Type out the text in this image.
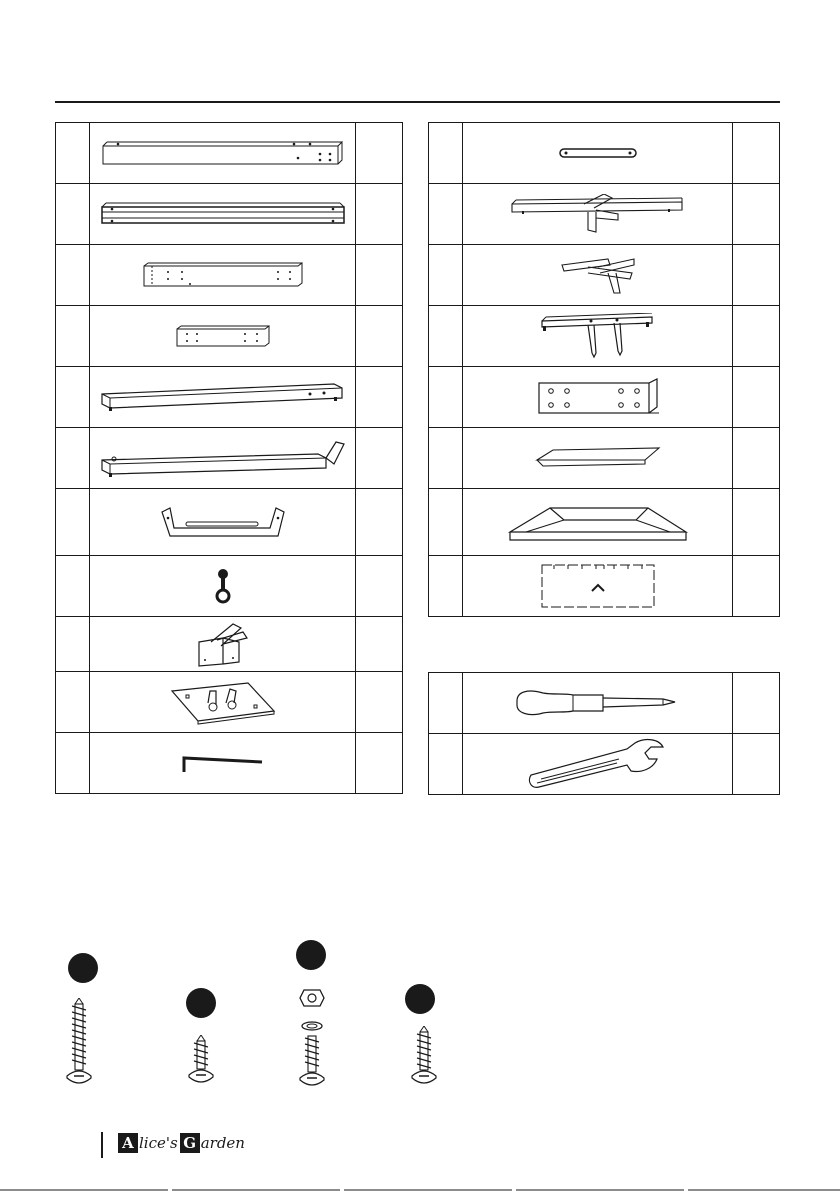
A lice's G arden
